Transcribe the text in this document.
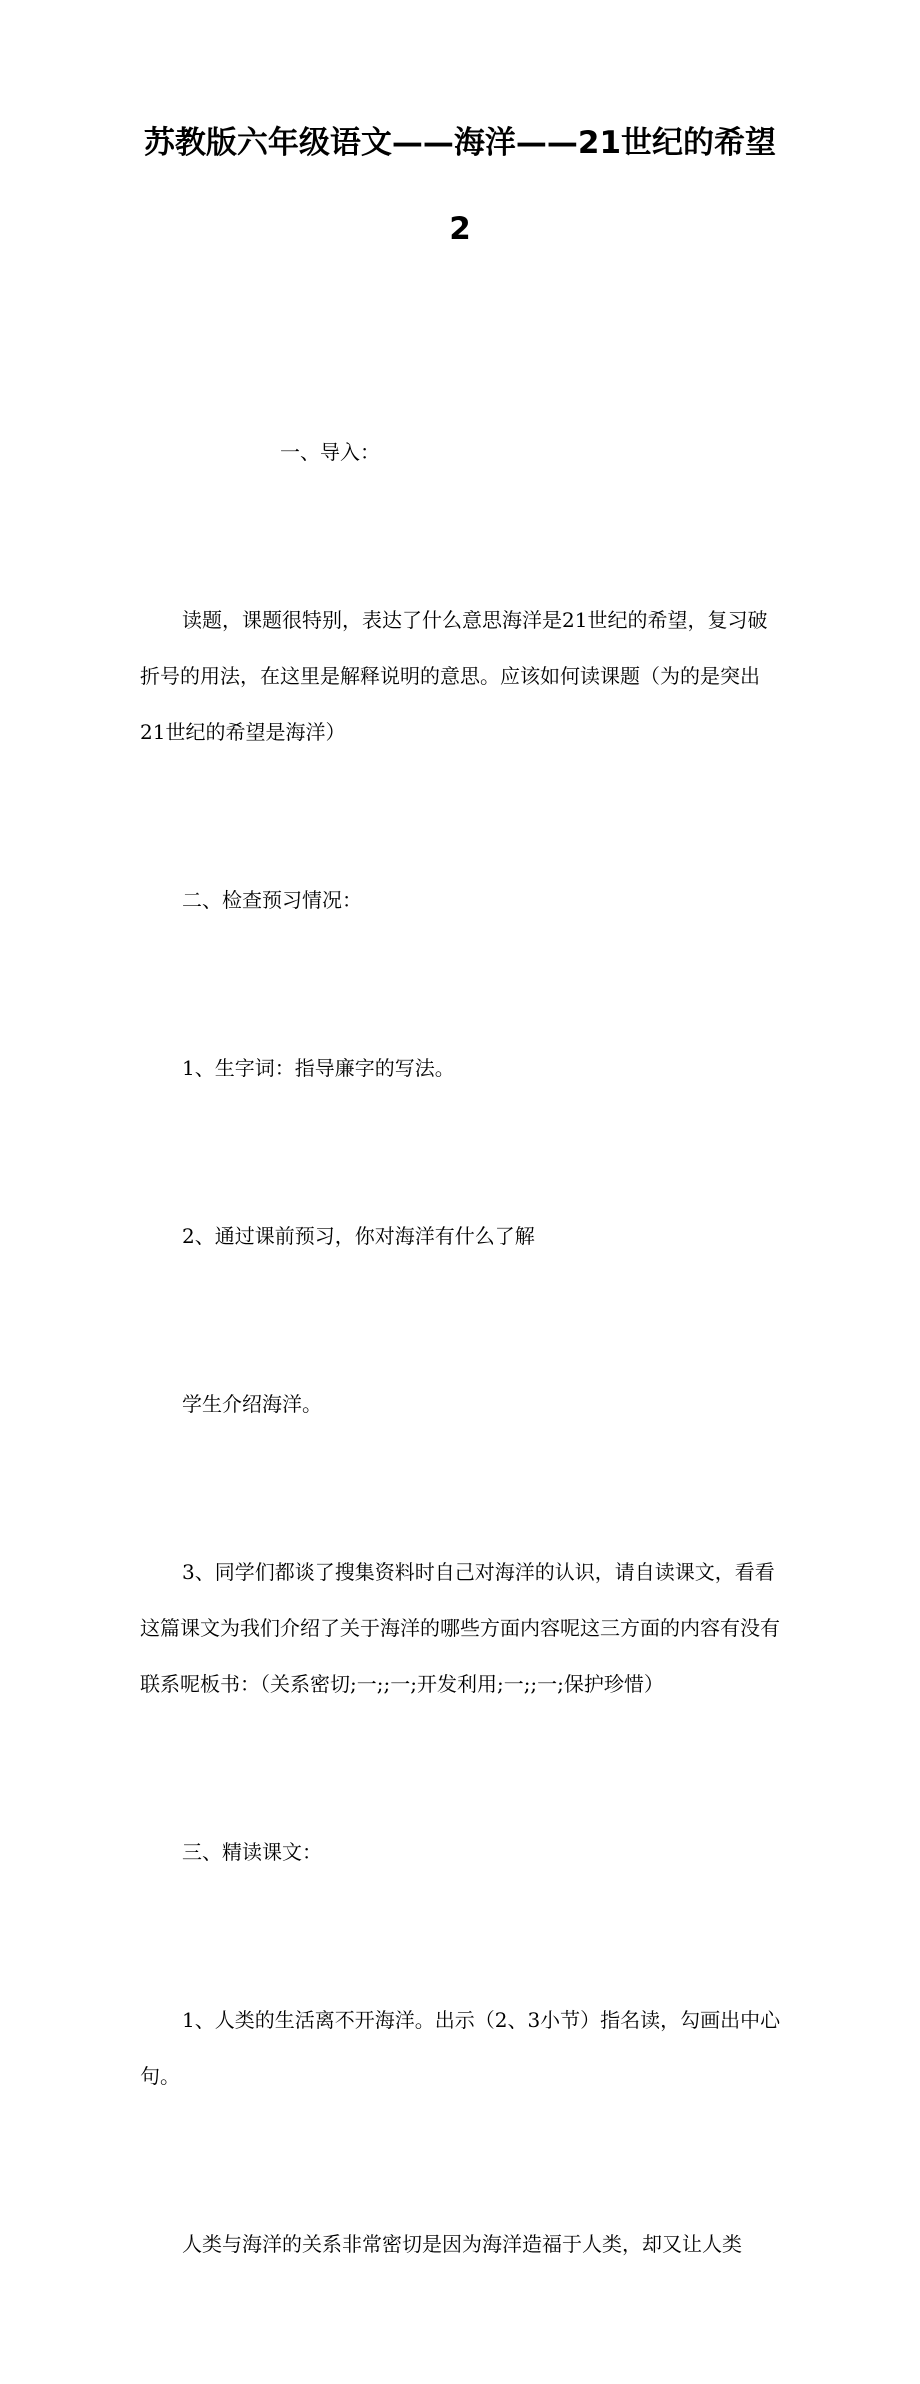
苏教版六年级语文——海洋——21世纪的希望2

一、导入：

读题，课题很特别，表达了什么意思海洋是21世纪的希望，复习破折号的用法，在这里是解释说明的意思。应该如何读课题（为的是突出21世纪的希望是海洋）

二、检查预习情况：

1、生字词：指导廉字的写法。

2、通过课前预习，你对海洋有什么了解

学生介绍海洋。

3、同学们都谈了搜集资料时自己对海洋的认识，请自读课文，看看这篇课文为我们介绍了关于海洋的哪些方面内容呢这三方面的内容有没有联系呢板书：（关系密切;一;;一;开发利用;一;;一;保护珍惜）

三、精读课文：

1、人类的生活离不开海洋。出示（2、3小节）指名读，勾画出中心句。

人类与海洋的关系非常密切是因为海洋造福于人类，却又让人类
